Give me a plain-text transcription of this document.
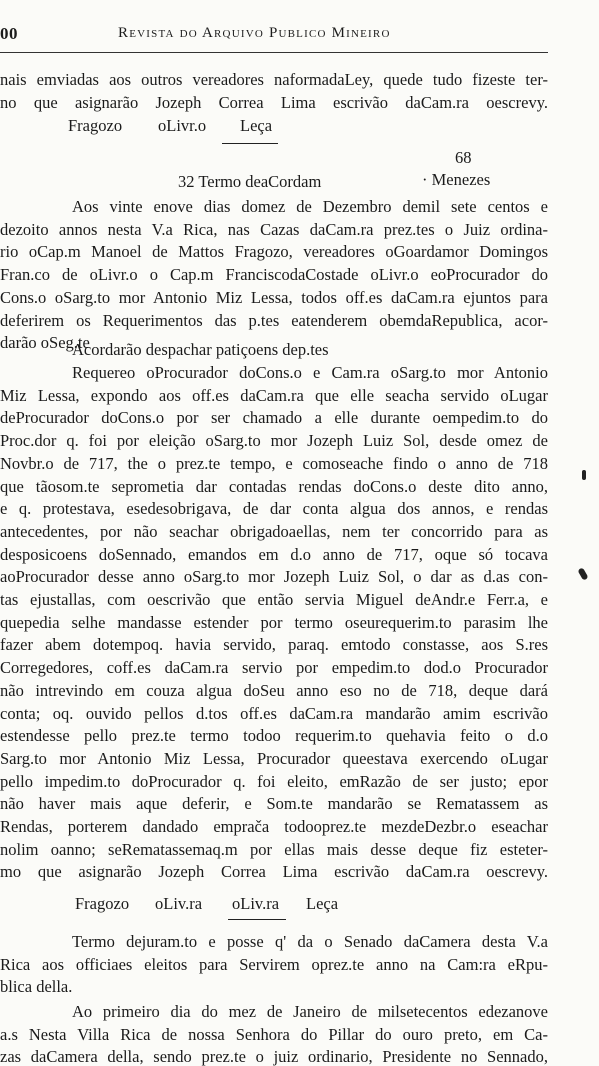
00	Revista do Arquivo Publico Mineiro
nais emviadas aos outros vereadores naformadaLey, quede tudo fizeste ter-
no que asignarão Jozeph Correa Lima escrivão daCam.ra oescrevy.
Fragozo oLivr.o Leça
68
32 Termo deaCordam	· Menezes
Aos vinte enove dias domez de Dezembro demil sete centos e
dezoito annos nesta V.a Rica, nas Cazas daCam.ra prez.tes o Juiz ordina-
rio oCap.m Manoel de Mattos Fragozo, vereadores oGoardamor Domingos
Fran.co de oLivr.o o Cap.m FranciscodaCostade oLivr.o eoProcurador do
Cons.o oSarg.to mor Antonio Miz Lessa, todos off.es daCam.ra ejuntos para
deferirem os Requerimentos das p.tes eatenderem obemdaRepublica, acor-
darão oSeg.te
Acordarão despachar patiçoens dep.tes
Requereo oProcurador doCons.o e Cam.ra oSarg.to mor Antonio
Miz Lessa, expondo aos off.es daCam.ra que elle seacha servido oLugar
deProcurador doCons.o por ser chamado a elle durante oempedim.to do
Proc.dor q. foi por eleição oSarg.to mor Jozeph Luiz Sol, desde omez de
Novbr.o de 717, the o prez.te tempo, e comoseache findo o anno de 718
que tãosom.te seprometia dar contadas rendas doCons.o deste dito anno,
e q. protestava, esedesobrigava, de dar conta algua dos annos, e rendas
antecedentes, por não seachar obrigadoaellas, nem ter concorrido para as
desposicoens doSennado, emandos em d.o anno de 717, oque só tocava
aoProcurador desse anno oSarg.to mor Jozeph Luiz Sol, o dar as d.as con-
tas ejustallas, com oescrivão que então servia Miguel deAndr.e Ferr.a, e
quepedia selhe mandasse estender por termo oseurequerim.to parasim lhe
fazer abem dotempoq. havia servido, paraq. emtodo constasse, aos S.res
Corregedores, coff.es daCam.ra servio por empedim.to dod.o Procurador
não intrevindo em couza algua doSeu anno eso no de 718, deque dará
conta; oq. ouvido pellos d.tos off.es daCam.ra mandarão amim escrivão
estendesse pello prez.te termo todoo requerim.to quehavia feito o d.o
Sarg.to mor Antonio Miz Lessa, Procurador queestava exercendo oLugar
pello impedim.to doProcurador q. foi eleito, emRazão de ser justo; epor
não haver mais aque deferir, e Som.te mandarão se Rematassem as
Rendas, porterem dandado emprača todooprez.te mezdeDezbr.o eseachar
nolim oanno; seRematassemaq.m por ellas mais desse deque fiz esteter-
mo que asignarão Jozeph Correa Lima escrivão daCam.ra oescrevy.
Fragozo oLiv.ra oLiv.ra Leça
Termo dejuram.to e posse q' da o Senado daCamera desta V.a
Rica aos officiaes eleitos para Servirem oprez.te anno na Cam:ra eRpu-
blica della.
Ao primeiro dia do mez de Janeiro de milsetecentos edezanove
a.s Nesta Villa Rica de nossa Senhora do Pillar do ouro preto, em Ca-
zas daCamera della, sendo prez.te o juiz ordinario, Presidente no Sennado,
